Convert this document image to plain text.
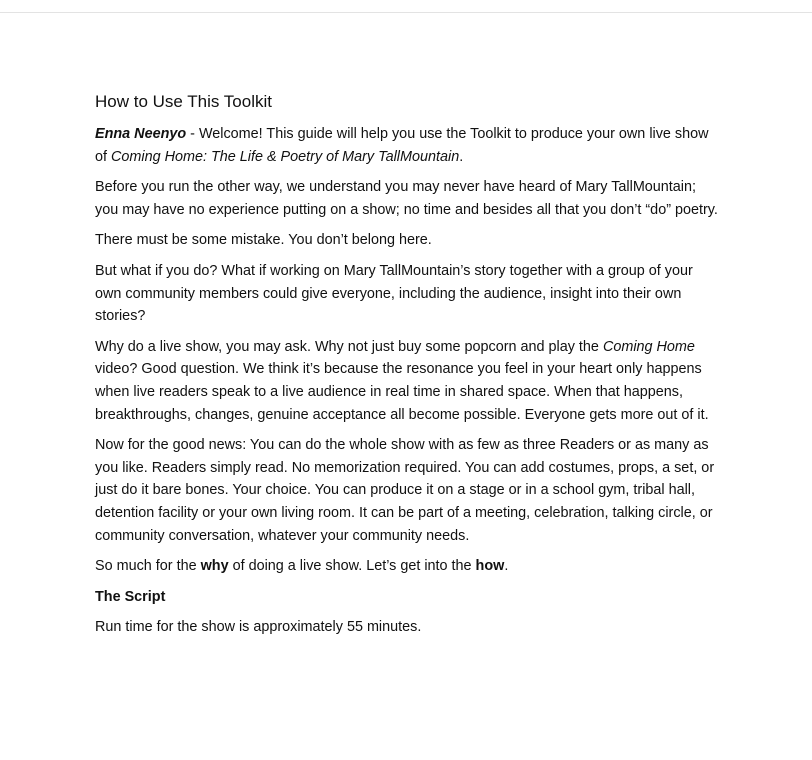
How to Use This Toolkit

Enna Neenyo - Welcome! This guide will help you use the Toolkit to produce your own live show of Coming Home: The Life & Poetry of Mary TallMountain.

Before you run the other way, we understand you may never have heard of Mary TallMountain; you may have no experience putting on a show; no time and besides all that you don’t “do” poetry.

There must be some mistake. You don’t belong here.

But what if you do? What if working on Mary TallMountain’s story together with a group of your own community members could give everyone, including the audience, insight into their own stories?

Why do a live show, you may ask. Why not just buy some popcorn and play the Coming Home video? Good question. We think it’s because the resonance you feel in your heart only happens when live readers speak to a live audience in real time in shared space. When that happens, breakthroughs, changes, genuine acceptance all become possible. Everyone gets more out of it.

Now for the good news: You can do the whole show with as few as three Readers or as many as you like. Readers simply read. No memorization required. You can add costumes, props, a set, or just do it bare bones. Your choice. You can produce it on a stage or in a school gym, tribal hall, detention facility or your own living room. It can be part of a meeting, celebration, talking circle, or community conversation, whatever your community needs.

So much for the why of doing a live show. Let’s get into the how.

The Script

Run time for the show is approximately 55 minutes.
